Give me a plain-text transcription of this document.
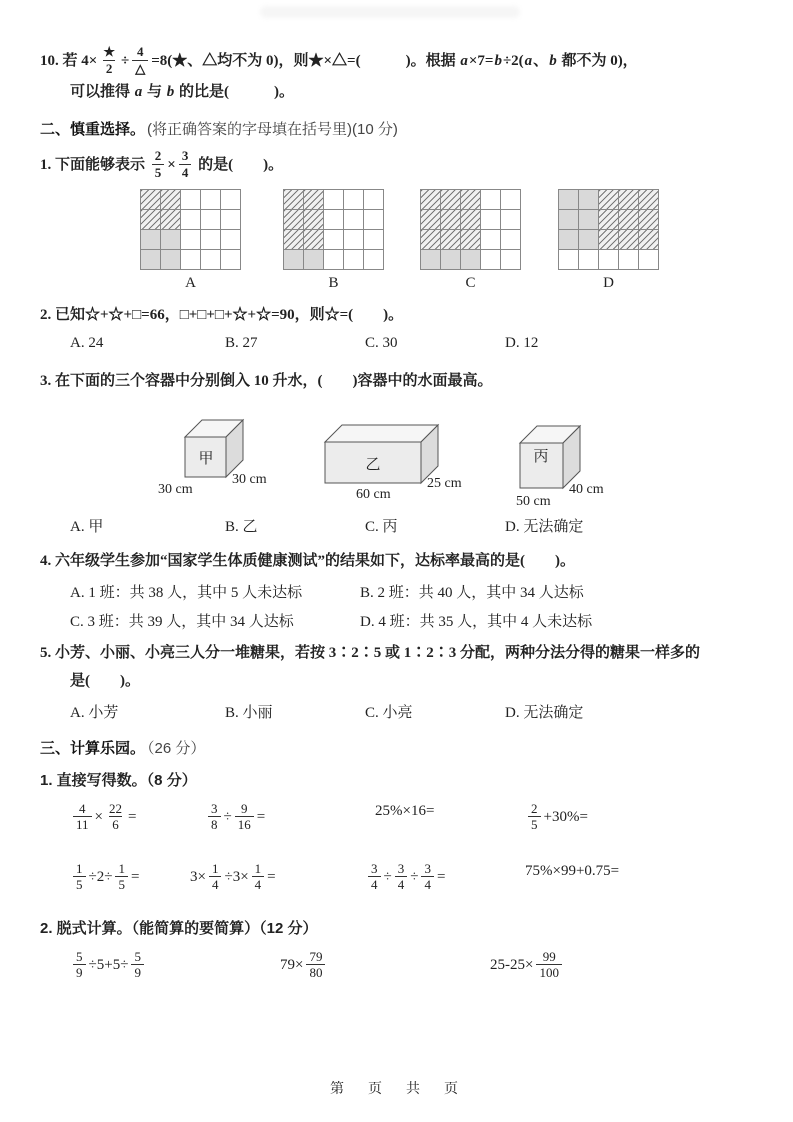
10. 若 $4\times \frac{★}{2} \div \frac{4}{\triangle}$ =8(★、△均不为 0)，则★×△=(　　　)。根据 a ×7= b ÷2( a 、 b 都不为 0)，
可以推得 a 与 b 的比是(　　　)。
二、慎重选择。 (将正确答案的字母填在括号里)(10 分)
1. 下面能够表示 $\frac{2}{5} \times \frac{3}{4}$ 的是(　　)。
A	B	C	D
2. 已知☆+☆+□=66，□+□+□+☆+☆=90，则☆=(　　)。
A. 24	B. 27	C. 30	D. 12
3. 在下面的三个容器中分别倒入 10 升水，(　　)容器中的水面最高。
甲
30 cm
30 cm
乙
60 cm
25 cm
丙
50 cm
40 cm
A. 甲	B. 乙	C. 丙	D. 无法确定
4. 六年级学生参加“国家学生体质健康测试”的结果如下，达标率最高的是(　　)。
A. 1 班：共 38 人，其中 5 人未达标	B. 2 班：共 40 人，其中 34 人达标
C. 3 班：共 39 人，其中 34 人达标	D. 4 班：共 35 人，其中 4 人未达标
5. 小芳、小丽、小亮三人分一堆糖果，若按 3∶2∶5 或 1∶2∶3 分配，两种分法分得的糖果一样多的
是(　　)。
A. 小芳	B. 小丽	C. 小亮	D. 无法确定
三、计算乐园。 （26 分）
1. 直接写得数。（8 分）
$\frac{4}{11} \times \frac{22}{6}$ =	$\frac{3}{8} \div \frac{9}{16}$ =	25%×16=	$\frac{2}{5} +30\%=$
$\frac{1}{5} \div 2\div \frac{1}{5}$ =	$3\times \frac{1}{4} \div 3\times \frac{1}{4}$ =	$\frac{3}{4} \div \frac{3}{4} \div \frac{3}{4}$ =	75%×99+0.75=
2. 脱式计算。（能简算的要简算）（12 分）
$\frac{5}{9} \div 5+5\div \frac{5}{9}$	$79\times \frac{79}{80}$	$25-25\times \frac{99}{100}$
第　页　共　页
